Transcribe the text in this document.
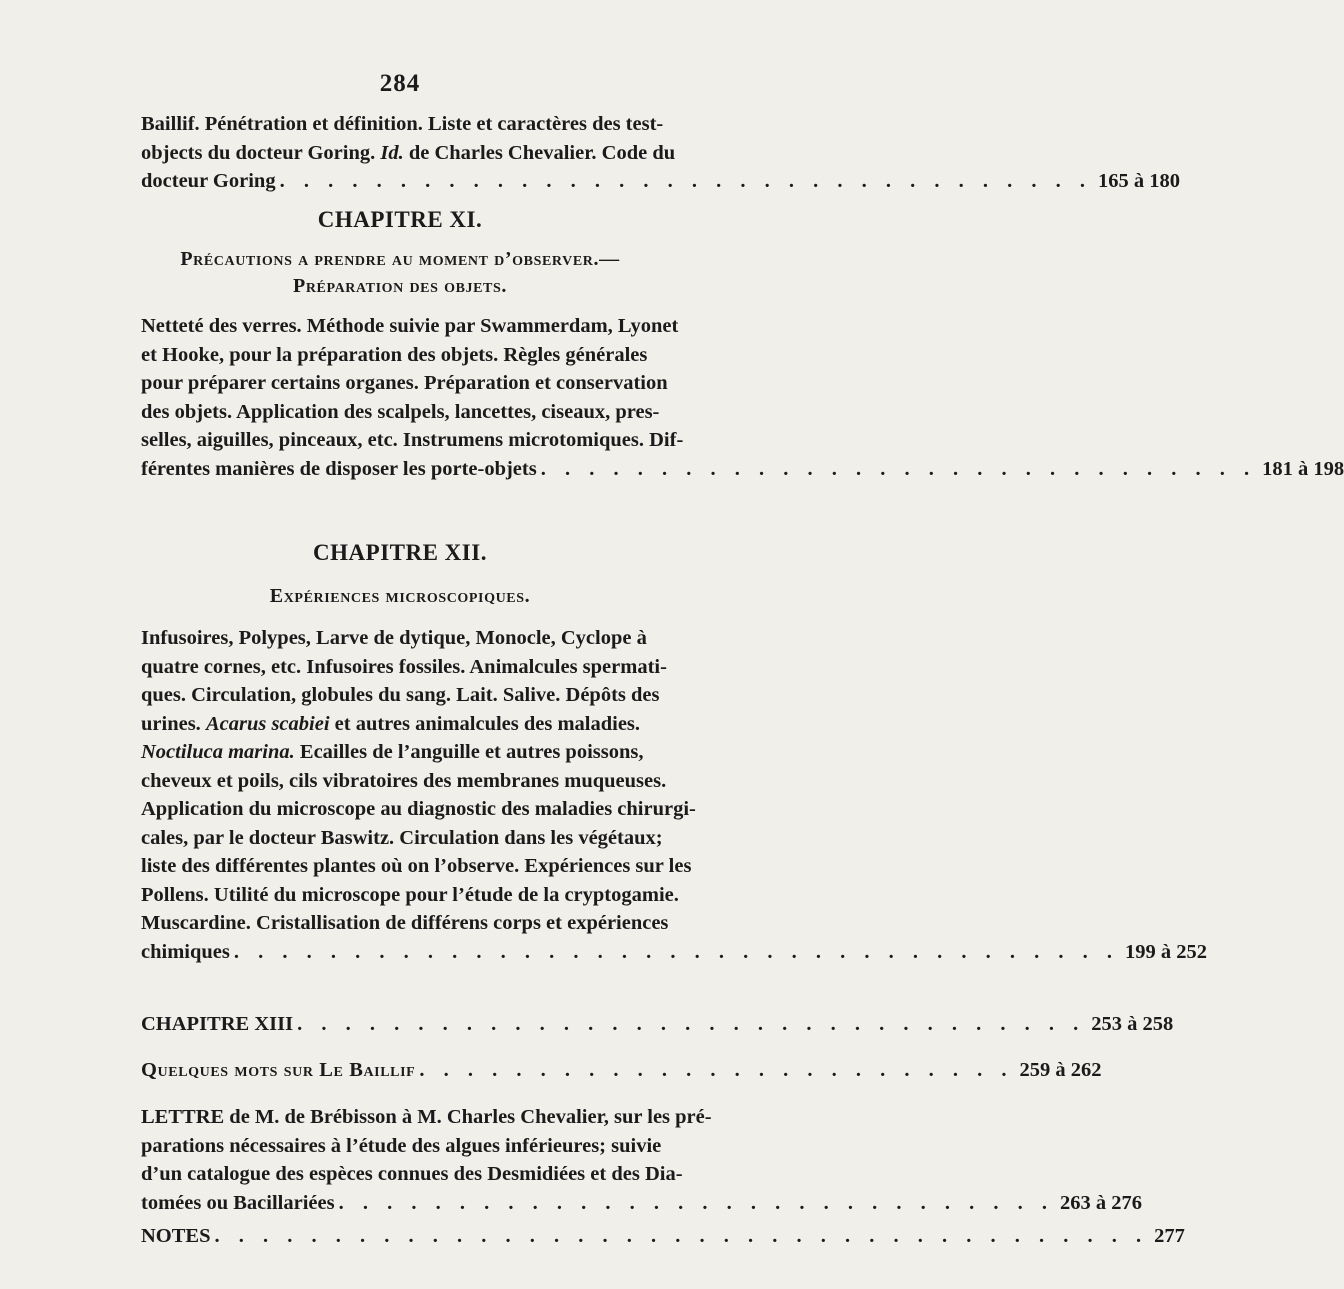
284
Baillif. Pénétration et définition. Liste et caractères des test-
objects du docteur Goring. Id. de Charles Chevalier. Code du
docteur Goring . . . . . . . . . . . . . . . . . . . . . . . . . . . . . . . . . . 165 à 180
CHAPITRE XI.
Précautions a prendre au moment d’observer.—
Préparation des objets.
Netteté des verres. Méthode suivie par Swammerdam, Lyonet
et Hooke, pour la préparation des objets. Règles générales
pour préparer certains organes. Préparation et conservation
des objets. Application des scalpels, lancettes, ciseaux, pres-
selles, aiguilles, pinceaux, etc. Instrumens microtomiques. Dif-
férentes manières de disposer les porte-objets . . . . . . . . . . . . . . . . . . . . . . . . . . . . . . 181 à 198
CHAPITRE XII.
Expériences microscopiques.
Infusoires, Polypes, Larve de dytique, Monocle, Cyclope à
quatre cornes, etc. Infusoires fossiles. Animalcules spermati-
ques. Circulation, globules du sang. Lait. Salive. Dépôts des
urines. Acarus scabiei et autres animalcules des maladies.
Noctiluca marina. Ecailles de l’anguille et autres poissons,
cheveux et poils, cils vibratoires des membranes muqueuses.
Application du microscope au diagnostic des maladies chirurgi-
cales, par le docteur Baswitz. Circulation dans les végétaux;
liste des différentes plantes où on l’observe. Expériences sur les
Pollens. Utilité du microscope pour l’étude de la cryptogamie.
Muscardine. Cristallisation de différens corps et expériences
chimiques . . . . . . . . . . . . . . . . . . . . . . . . . . . . . . . . . . . . . 199 à 252
CHAPITRE XIII . . . . . . . . . . . . . . . . . . . . . . . . . . . . . . . . . 253 à 258
Quelques mots sur Le Baillif . . . . . . . . . . . . . . . . . . . . . . . . . 259 à 262
LETTRE de M. de Brébisson à M. Charles Chevalier, sur les pré-
parations nécessaires à l’étude des algues inférieures; suivie
d’un catalogue des espèces connues des Desmidiées et des Dia-
tomées ou Bacillariées . . . . . . . . . . . . . . . . . . . . . . . . . . . . . . 263 à 276
NOTES . . . . . . . . . . . . . . . . . . . . . . . . . . . . . . . . . . . . . . . 277
